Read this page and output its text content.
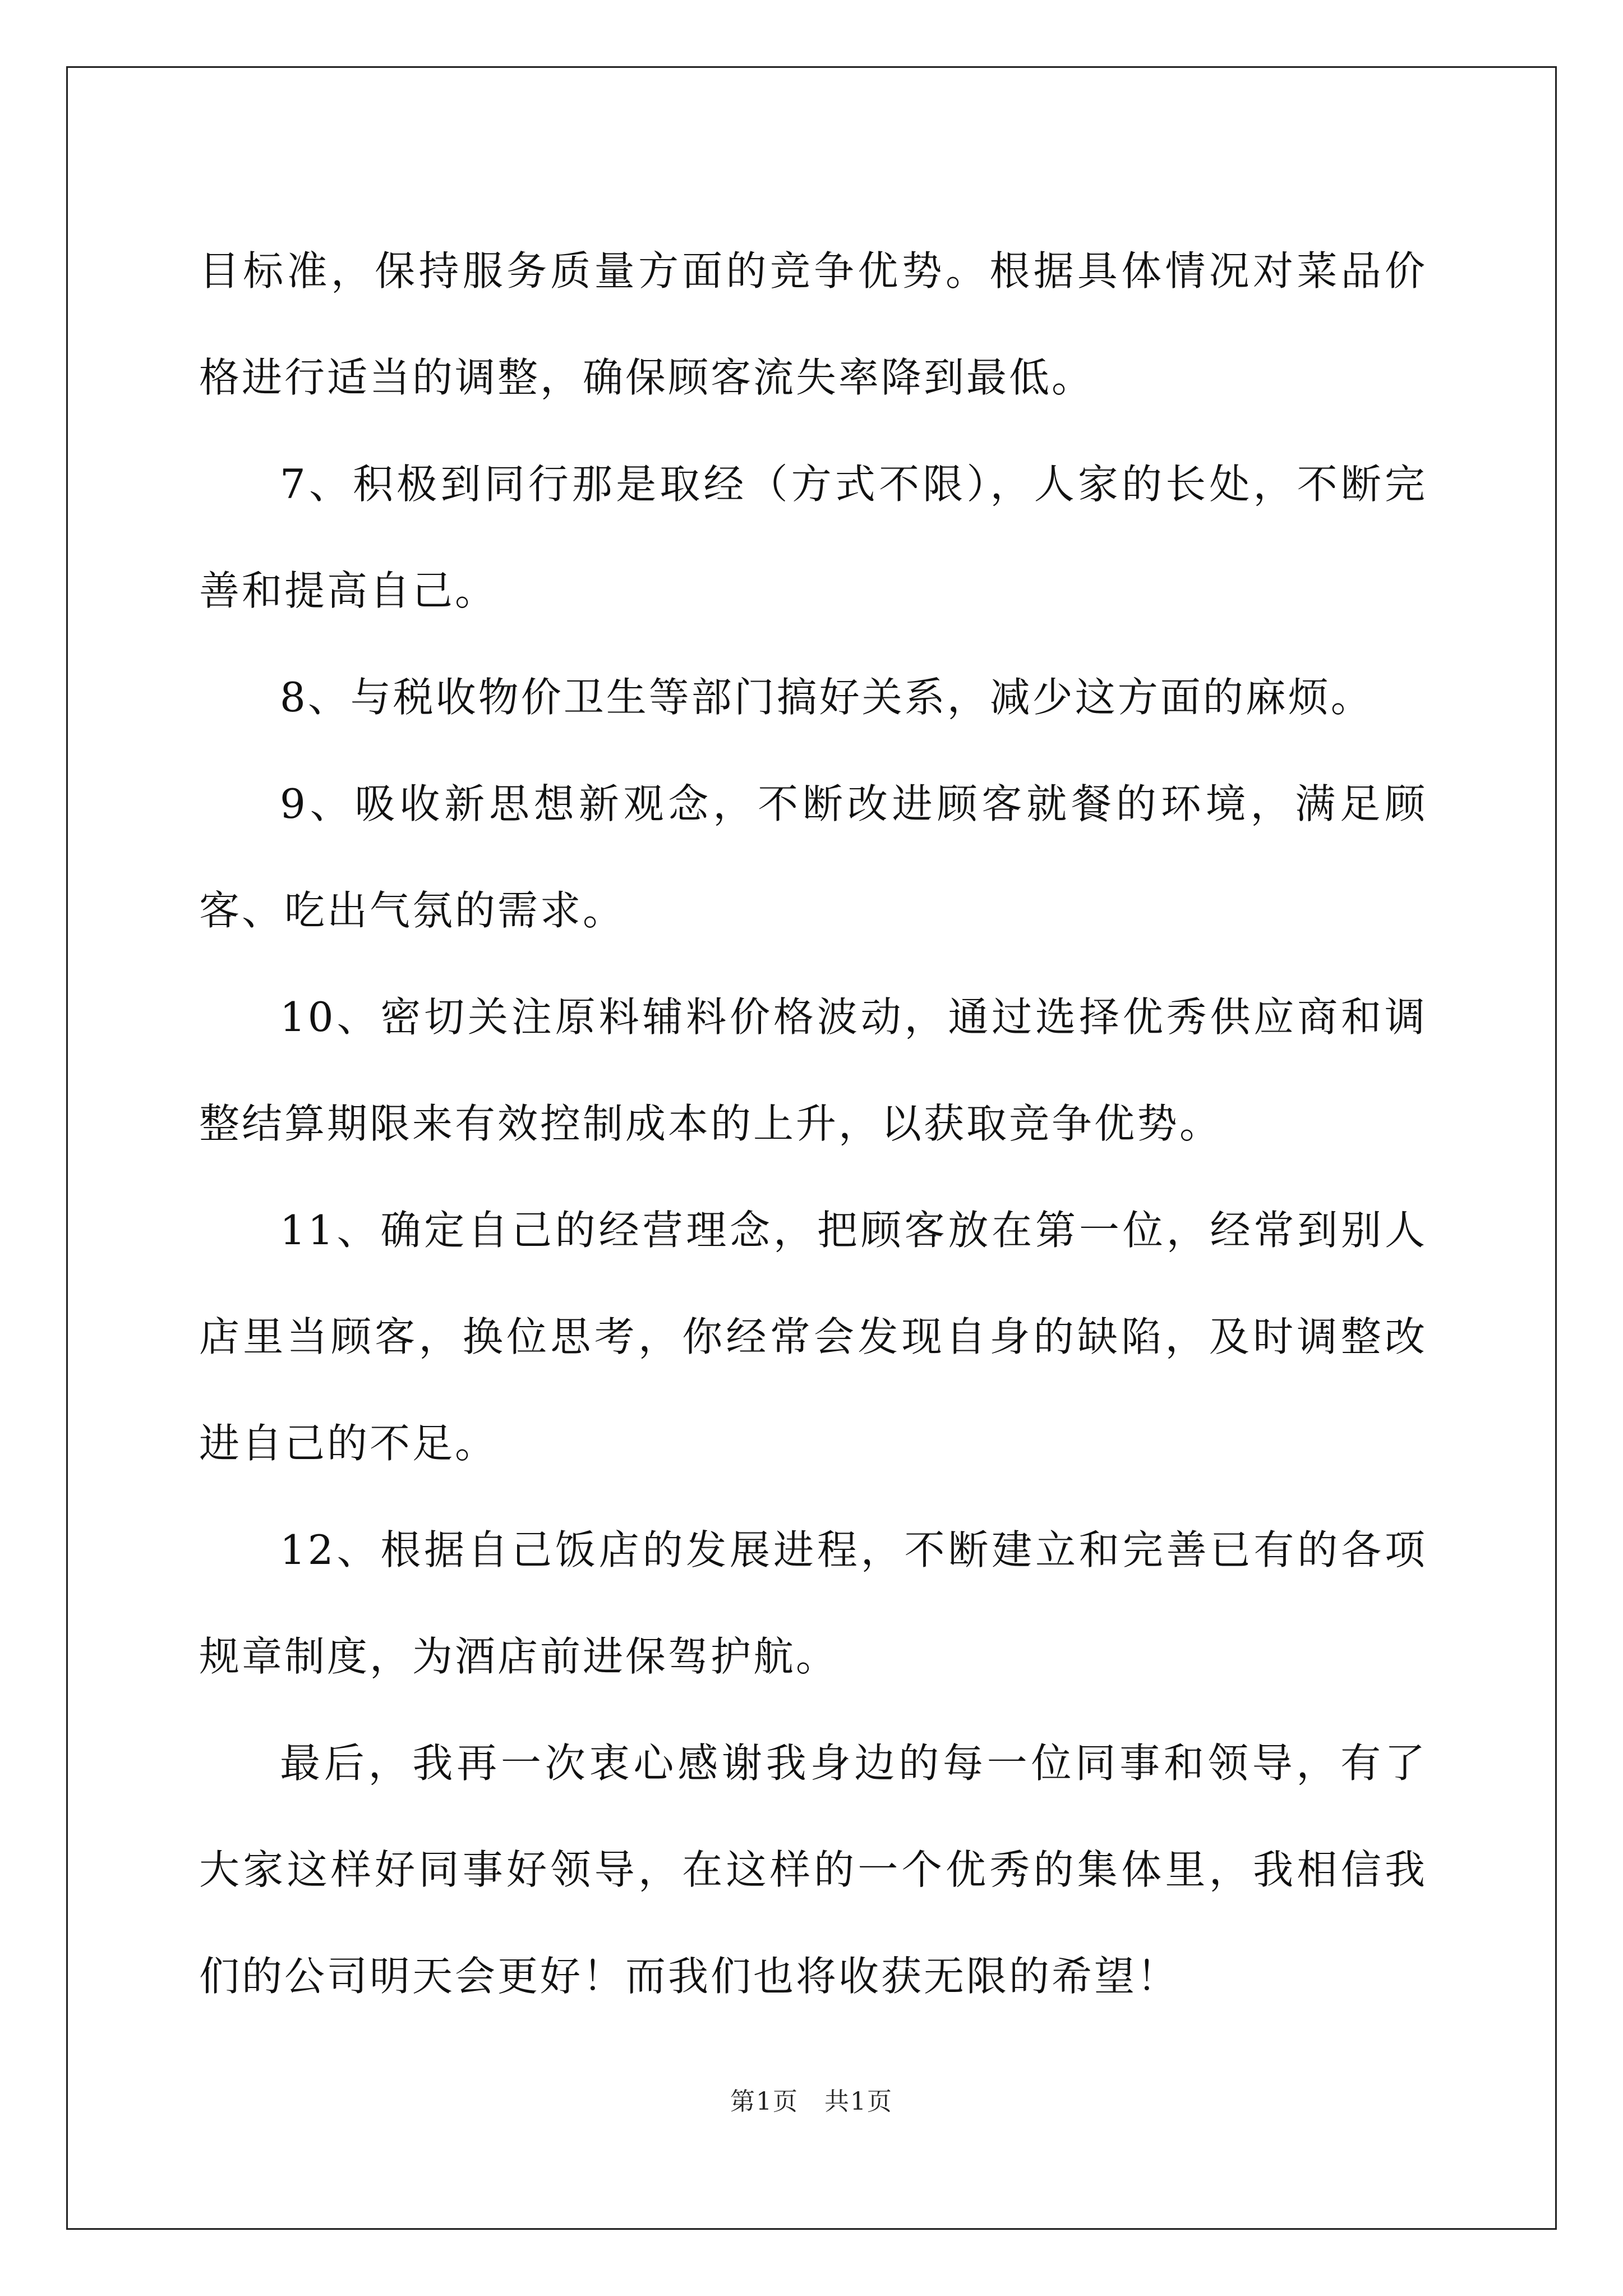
目标准，保持服务质量方面的竞争优势。根据具体情况对菜品价格进行适当的调整，确保顾客流失率降到最低。

7、积极到同行那是取经（方式不限），人家的长处，不断完善和提高自己。

8、与税收物价卫生等部门搞好关系，减少这方面的麻烦。

9、吸收新思想新观念，不断改进顾客就餐的环境，满足顾客、吃出气氛的需求。

10、密切关注原料辅料价格波动，通过选择优秀供应商和调整结算期限来有效控制成本的上升，以获取竞争优势。

11、确定自己的经营理念，把顾客放在第一位，经常到别人店里当顾客，换位思考，你经常会发现自身的缺陷，及时调整改进自己的不足。

12、根据自己饭店的发展进程，不断建立和完善已有的各项规章制度，为酒店前进保驾护航。

最后，我再一次衷心感谢我身边的每一位同事和领导，有了大家这样好同事好领导，在这样的一个优秀的集体里，我相信我们的公司明天会更好！而我们也将收获无限的希望！

第1页 共1页
